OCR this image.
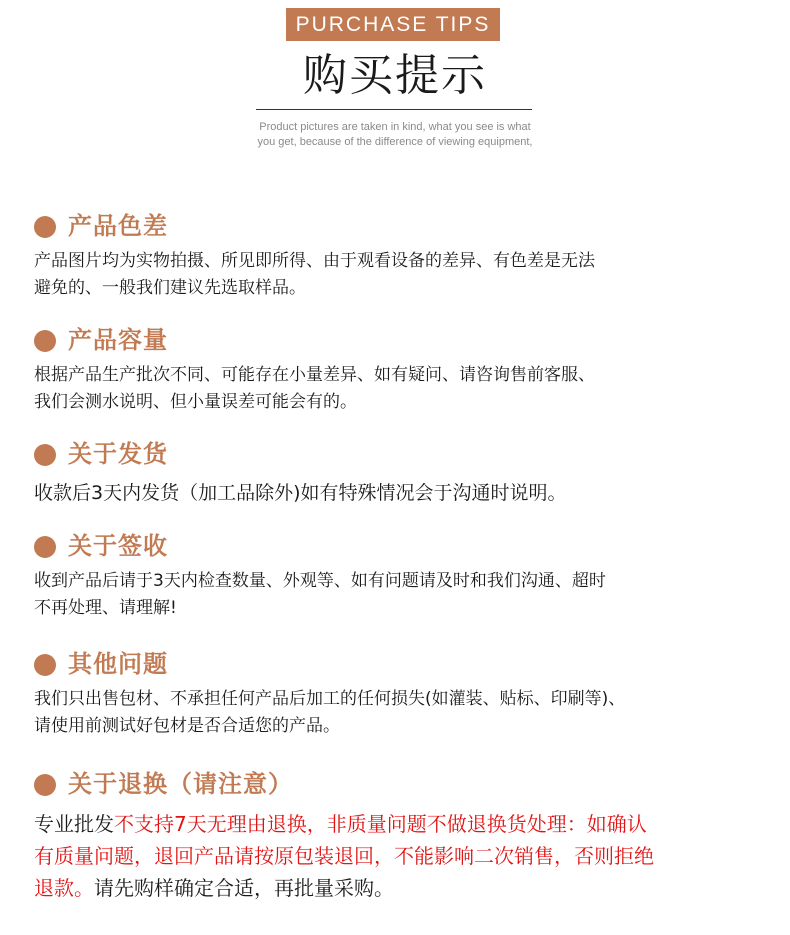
PURCHASE TIPS
购买提示
Product pictures are taken in kind, what you see is what
you get, because of the difference of viewing equipment,
产品色差
产品图片均为实物拍摄、所见即所得、由于观看设备的差异、有色差是无法
避免的、一般我们建议先选取样品。
产品容量
根据产品生产批次不同、可能存在小量差异、如有疑问、请咨询售前客服、
我们会测水说明、但小量误差可能会有的。
关于发货
收款后3天内发货（加工品除外)如有特殊情况会于沟通时说明。
关于签收
收到产品后请于3天内检查数量、外观等、如有问题请及时和我们沟通、超时
不再处理、请理解!
其他问题
我们只出售包材、不承担任何产品后加工的任何损失(如灌装、贴标、印刷等)、
请使用前测试好包材是否合适您的产品。
关于退换（请注意）
专业批发不支持7天无理由退换，非质量问题不做退换货处理：如确认
有质量问题，退回产品请按原包装退回，不能影响二次销售，否则拒绝
退款。请先购样确定合适，再批量采购。
